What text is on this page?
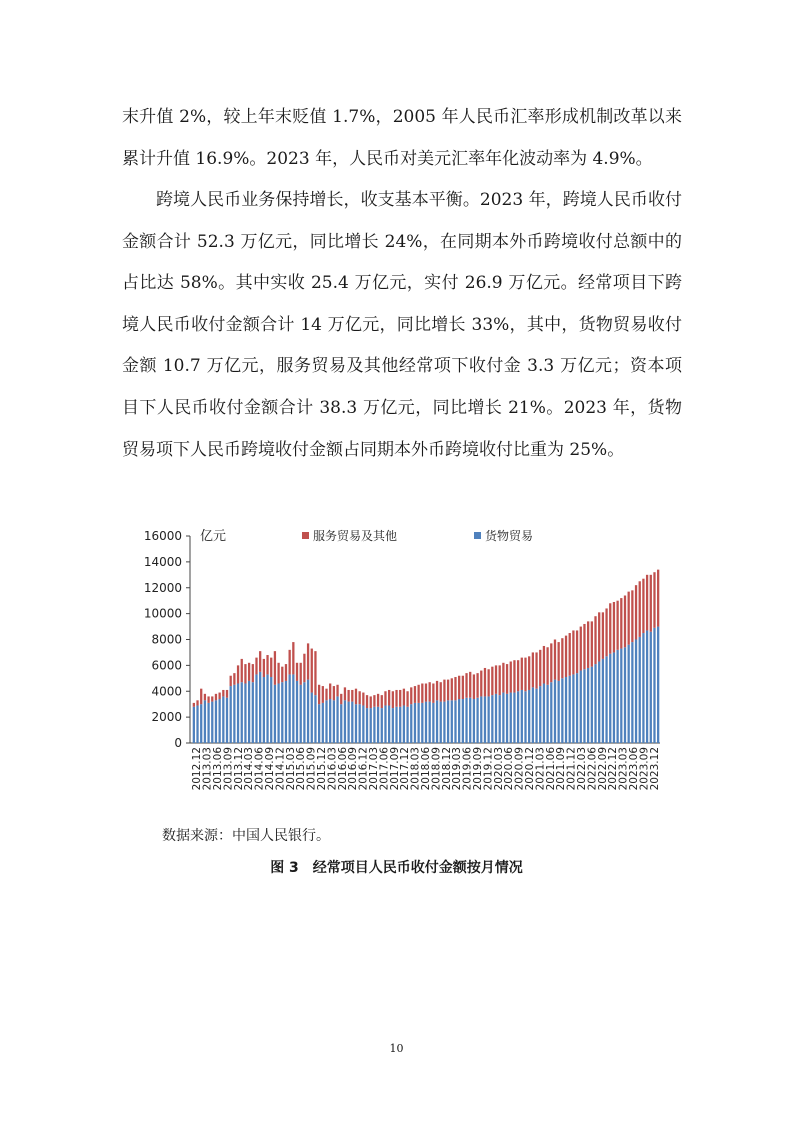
末升值 2%，较上年末贬值 1.7%，2005 年人民币汇率形成机制改革以来累计升值 16.9%。2023 年，人民币对美元汇率年化波动率为 4.9%。

跨境人民币业务保持增长，收支基本平衡。2023 年，跨境人民币收付金额合计 52.3 万亿元，同比增长 24%，在同期本外币跨境收付总额中的占比达 58%。其中实收 25.4 万亿元，实付 26.9 万亿元。经常项目下跨境人民币收付金额合计 14 万亿元，同比增长 33%，其中，货物贸易收付金额 10.7 万亿元，服务贸易及其他经常项下收付金 3.3 万亿元；资本项目下人民币收付金额合计 38.3 万亿元，同比增长 21%。2023 年，货物贸易项下人民币跨境收付金额占同期本外币跨境收付比重为 25%。

0
2000
4000
6000
8000
10000
12000
14000
16000
2012.12
2013.03
2013.06
2013.09
2013.12
2014.03
2014.06
2014.09
2014.12
2015.03
2015.06
2015.09
2015.12
2016.03
2016.06
2016.09
2016.12
2017.03
2017.06
2017.09
2017.12
2018.03
2018.06
2018.09
2018.12
2019.03
2019.06
2019.09
2019.12
2020.03
2020.06
2020.09
2020.12
2021.03
2021.06
2021.09
2021.12
2022.03
2022.06
2022.09
2022.12
2023.03
2023.06
2023.09
2023.12
服务贸易及其他	货物贸易
亿元

数据来源：中国人民银行。

图 3　经常项目人民币收付金额按月情况

10
